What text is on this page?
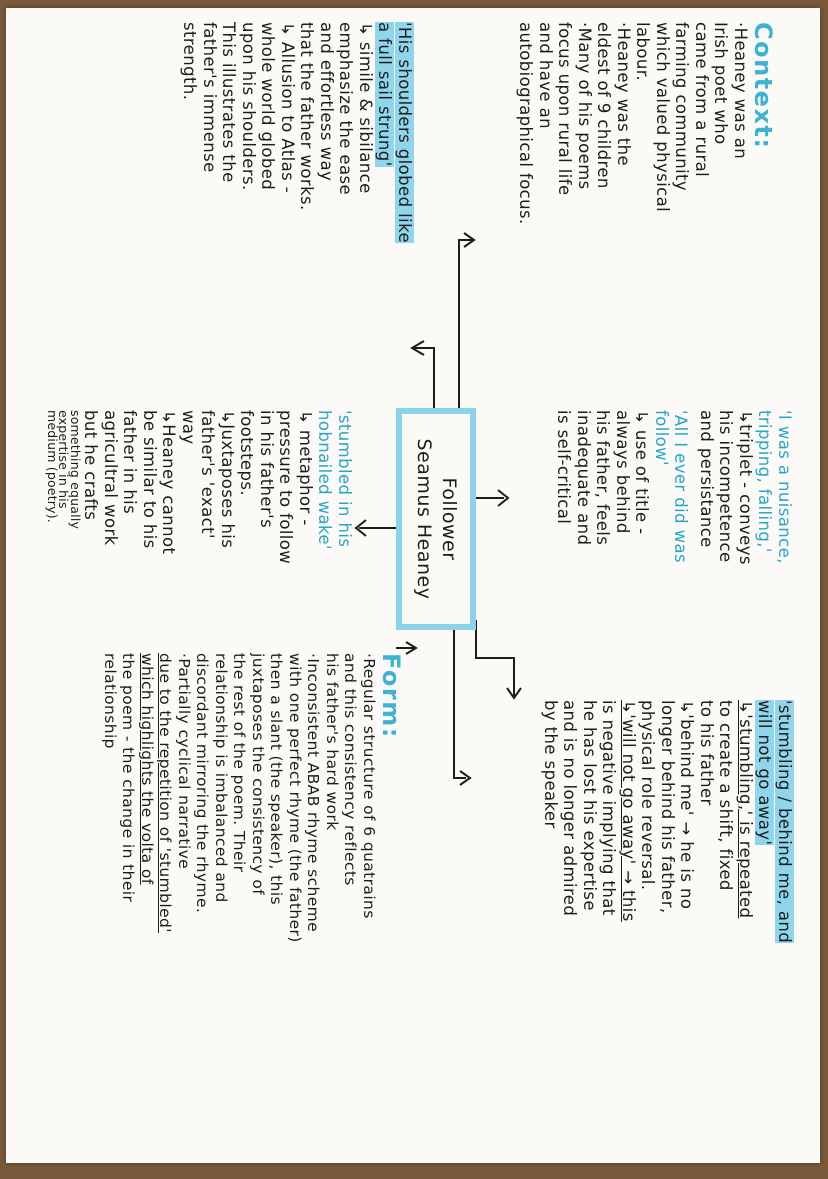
Follower
Seamus Heaney
Context:
·Heaney was an
Irish poet who
came from a rural
farming community
which valued physical
labour.
·Heaney was the
eldest of 9 children
·Many of his poems
focus upon rural life
and have an
autobiographical focus.
'His shoulders globed like
a full sail strung'
↳ simile & sibilance
emphasize the ease
and effortless way
that the father works.
↳ Allusion to Atlas -
whole world globed
upon his shoulders.
This illustrates the
father's immense
strength.
'I was a nuisance,
tripping, falling,'
↳triplet - conveys
his incompetence
and persistance
'All I ever did was
follow'
↳ use of title -
always behind
his father, feels
inadequate and
is self-critical
'stumbled in his
hobnailed wake'
↳ metaphor -
pressure to follow
in his father's
footsteps.
↳Juxtaposes his
father's 'exact'
way
↳Heaney cannot
be similar to his
father in his
agricultral work
but he crafts
something equally
expertise in his
medium (poetry).
'stumbling / behind me, and
will not go away'
↳'stumbling,' is repeated
to create a shift, fixed
to his father
↳'behind me' → he is no
longer behind his father,
physical role reversal.
↳'will not go away' → this
is negative implying that
he has lost his expertise
and is no longer admired
by the speaker
Form:
·Regular structure of 6 quatrains
and this consistency reflects
his father's hard work
·Inconsistent ABAB rhyme scheme
with one perfect rhyme (the father)
then a slant (the speaker), this
juxtaposes the consistency of
the rest of the poem. Their
relationship is imbalanced and
discordant mirroring the rhyme.
·Partially cyclical narrative
due to the repetition of 'stumbled'
which highlights the volta of
the poem - the change in their
relationship
